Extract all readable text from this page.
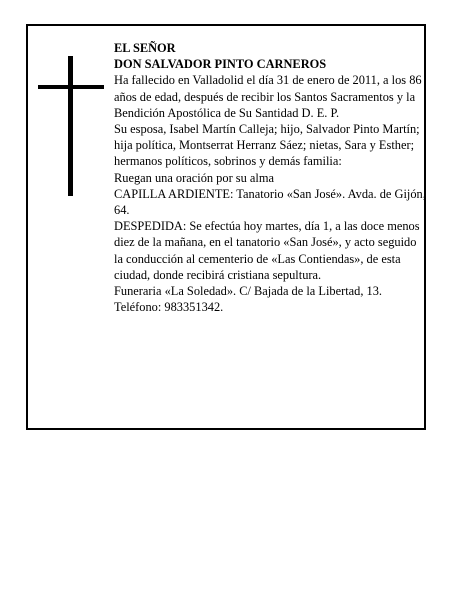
EL SEÑOR

DON SALVADOR PINTO CARNEROS

Ha fallecido en Valladolid el día 31 de enero de 2011, a los 86 años de edad, después de recibir los Santos Sacramentos y la Bendición Apostólica de Su Santidad D. E. P.

Su esposa, Isabel Martín Calleja; hijo, Salvador Pinto Martín; hija política, Montserrat Herranz Sáez; nietas, Sara y Esther; hermanos políticos, sobrinos y demás familia:

Ruegan una oración por su alma

CAPILLA ARDIENTE: Tanatorio «San José». Avda. de Gijón, 64.

DESPEDIDA: Se efectúa hoy martes, día 1, a las doce menos diez de la mañana, en el tanatorio «San José», y acto seguido la conducción al cementerio de «Las Contiendas», de esta ciudad, donde recibirá cristiana sepultura.

Funeraria «La Soledad». C/ Bajada de la Libertad, 13. Teléfono: 983351342.
